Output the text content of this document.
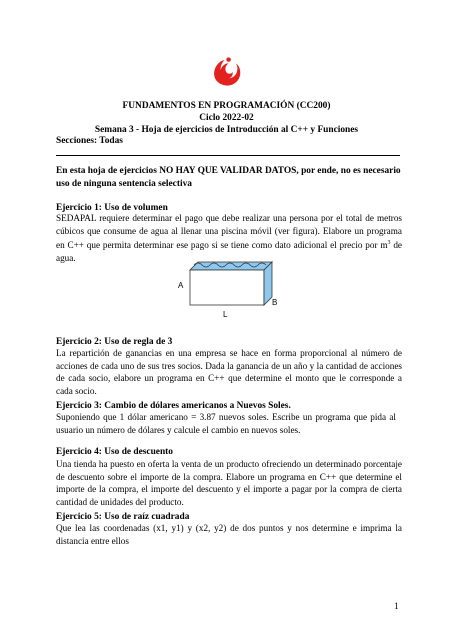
FUNDAMENTOS EN PROGRAMACIÓN (CC200)
Ciclo 2022-02
Semana 3 - Hoja de ejercicios de Introducción al C++ y Funciones
Secciones: Todas
En esta hoja de ejercicios NO HAY QUE VALIDAR DATOS, por ende, no es necesario uso de ninguna sentencia selectiva
Ejercicio 1: Uso de volumen
SEDAPAL requiere determinar el pago que debe realizar una persona por el total de metros cúbicos que consume de agua al llenar una piscina móvil (ver figura). Elabore un programa en C++ que permita determinar ese pago si se tiene como dato adicional el precio por $m^3$ de agua.
A
B
L
Ejercicio 2: Uso de regla de 3
La repartición de ganancias en una empresa se hace en forma proporcional al número de acciones de cada uno de sus tres socios. Dada la ganancia de un año y la cantidad de acciones de cada socio, elabore un programa en C++ que determine el monto que le corresponde a cada socio.
Ejercicio 3: Cambio de dólares americanos a Nuevos Soles.
Suponiendo que 1 dólar americano = 3.87 nuevos soles. Escribe un programa que pida al usuario un número de dólares y calcule el cambio en nuevos soles.
Ejercicio 4: Uso de descuento
Una tienda ha puesto en oferta la venta de un producto ofreciendo un determinado porcentaje de descuento sobre el importe de la compra. Elabore un programa en C++ que determine el importe de la compra, el importe del descuento y el importe a pagar por la compra de cierta cantidad de unidades del producto.
Ejercicio 5: Uso de raíz cuadrada
Que lea las coordenadas (x1, y1) y (x2, y2) de dos puntos y nos determine e imprima la distancia entre ellos
1
